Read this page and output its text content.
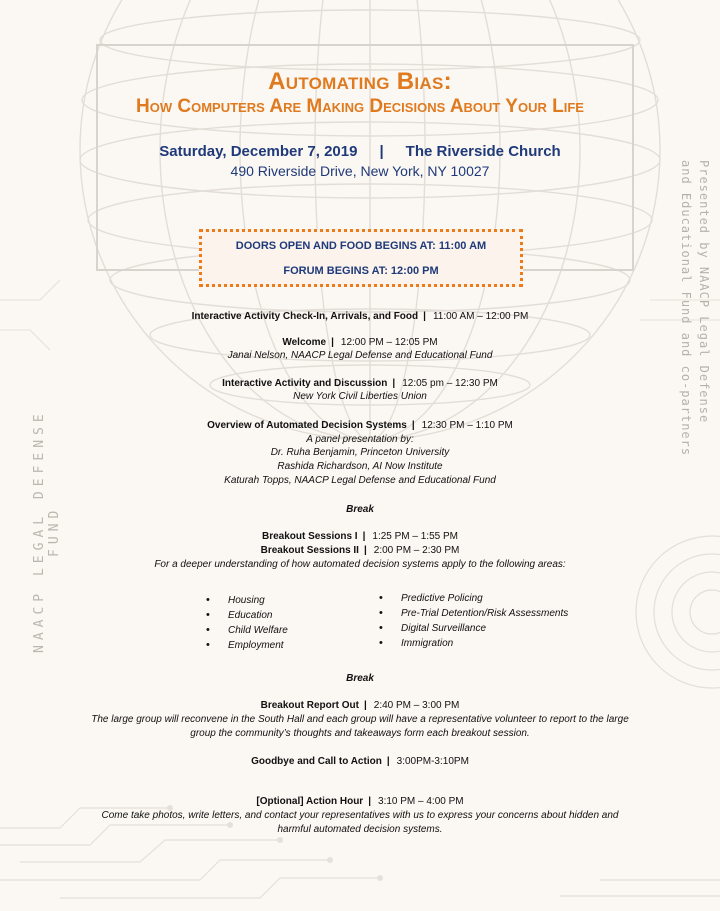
Automating Bias:
How Computers Are Making Decisions About Your Life
Saturday, December 7, 2019 | The Riverside Church
490 Riverside Drive, New York, NY 10027
DOORS OPEN AND FOOD BEGINS AT: 11:00 AM
FORUM BEGINS AT: 12:00 PM	Presented by NAACP Legal Defense
and Educational Fund and co-partners
NAACP LEGAL DEFENSE FUND
Interactive Activity Check-In, Arrivals, and Food | 11:00 AM – 12:00 PM
Welcome | 12:00 PM – 12:05 PM
Janai Nelson, NAACP Legal Defense and Educational Fund
Interactive Activity and Discussion | 12:05 pm – 12:30 PM
New York Civil Liberties Union
Overview of Automated Decision Systems | 12:30 PM – 1:10 PM
A panel presentation by:
Dr. Ruha Benjamin, Princeton University
Rashida Richardson, AI Now Institute
Katurah Topps, NAACP Legal Defense and Educational Fund
Break
Breakout Sessions I | 1:25 PM – 1:55 PM
Breakout Sessions II | 2:00 PM – 2:30 PM
For a deeper understanding of how automated decision systems apply to the following areas:
• Housing
• Education
• Child Welfare
• Employment
• Predictive Policing
• Pre-Trial Detention/Risk Assessments
• Digital Surveillance
• Immigration
Break
Breakout Report Out | 2:40 PM – 3:00 PM
The large group will reconvene in the South Hall and each group will have a representative volunteer to report to the large
group the community’s thoughts and takeaways form each breakout session.
Goodbye and Call to Action | 3:00PM-3:10PM
[Optional] Action Hour | 3:10 PM – 4:00 PM
Come take photos, write letters, and contact your representatives with us to express your concerns about hidden and
harmful automated decision systems.
